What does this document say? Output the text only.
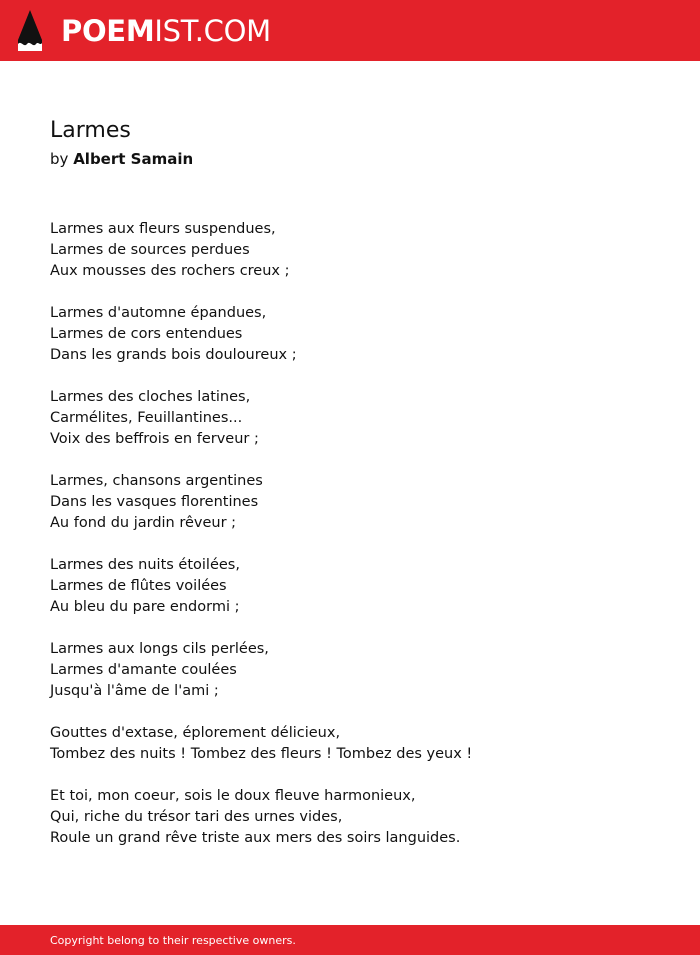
POEMIST.COM
Larmes
by Albert Samain
Larmes aux fleurs suspendues,
Larmes de sources perdues
Aux mousses des rochers creux ;
Larmes d'automne épandues,
Larmes de cors entendues
Dans les grands bois douloureux ;
Larmes des cloches latines,
Carmélites, Feuillantines...
Voix des beffrois en ferveur ;
Larmes, chansons argentines
Dans les vasques florentines
Au fond du jardin rêveur ;
Larmes des nuits étoilées,
Larmes de flûtes voilées
Au bleu du pare endormi ;
Larmes aux longs cils perlées,
Larmes d'amante coulées
Jusqu'à l'âme de l'ami ;
Gouttes d'extase, éplorement délicieux,
Tombez des nuits ! Tombez des fleurs ! Tombez des yeux !
Et toi, mon coeur, sois le doux fleuve harmonieux,
Qui, riche du trésor tari des urnes vides,
Roule un grand rêve triste aux mers des soirs languides.
Copyright belong to their respective owners.
